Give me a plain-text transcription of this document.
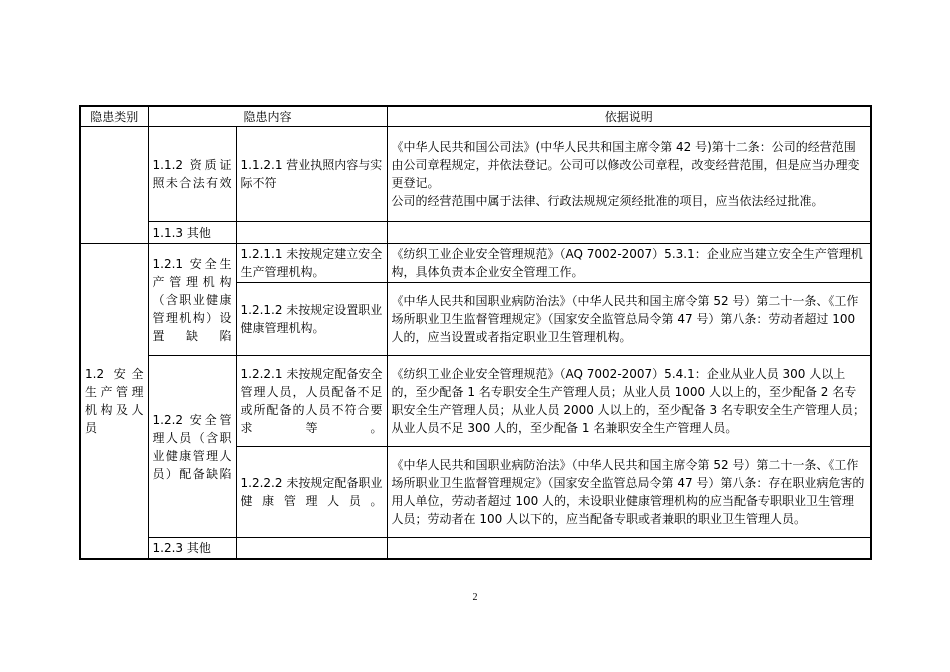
隐患类别	隐患内容		依据说明
	1.1.2 资质证照未合法有效	1.1.2.1 营业执照内容与实际不符	《中华人民共和国公司法》(中华人民共和国主席令第 42 号)第十二条：公司的经营范围由公司章程规定，并依法登记。公司可以修改公司章程，改变经营范围，但是应当办理变更登记。
公司的经营范围中属于法律、行政法规规定须经批准的项目，应当依法经过批准。
	1.1.3 其他		
1.2 安全生产管理机构及人员	1.2.1 安全生产管理机构（含职业健康管理机构）设置缺陷	1.2.1.1 未按规定建立安全生产管理机构。	《纺织工业企业安全管理规范》（AQ 7002-2007）5.3.1：企业应当建立安全生产管理机构，具体负责本企业安全管理工作。
		1.2.1.2 未按规定设置职业健康管理机构。	《中华人民共和国职业病防治法》（中华人民共和国主席令第 52 号）第二十一条、《工作场所职业卫生监督管理规定》（国家安全监管总局令第 47 号）第八条：劳动者超过 100 人的，应当设置或者指定职业卫生管理机构。
	1.2.2 安全管理人员（含职业健康管理人员）配备缺陷	1.2.2.1 未按规定配备安全管理人员，人员配备不足或所配备的人员不符合要求等。	《纺织工业企业安全管理规范》（AQ 7002-2007）5.4.1：企业从业人员 300 人以上的，至少配备 1 名专职安全生产管理人员；从业人员 1000 人以上的，至少配备 2 名专职安全生产管理人员；从业人员 2000 人以上的，至少配备 3 名专职安全生产管理人员；从业人员不足 300 人的，至少配备 1 名兼职安全生产管理人员。
		1.2.2.2 未按规定配备职业健康管理人员。	《中华人民共和国职业病防治法》（中华人民共和国主席令第 52 号）第二十一条、《工作场所职业卫生监督管理规定》（国家安全监管总局令第 47 号）第八条：存在职业病危害的用人单位，劳动者超过 100 人的，未设职业健康管理机构的应当配备专职职业卫生管理人员；劳动者在 100 人以下的，应当配备专职或者兼职的职业卫生管理人员。
	1.2.3 其他		
2
